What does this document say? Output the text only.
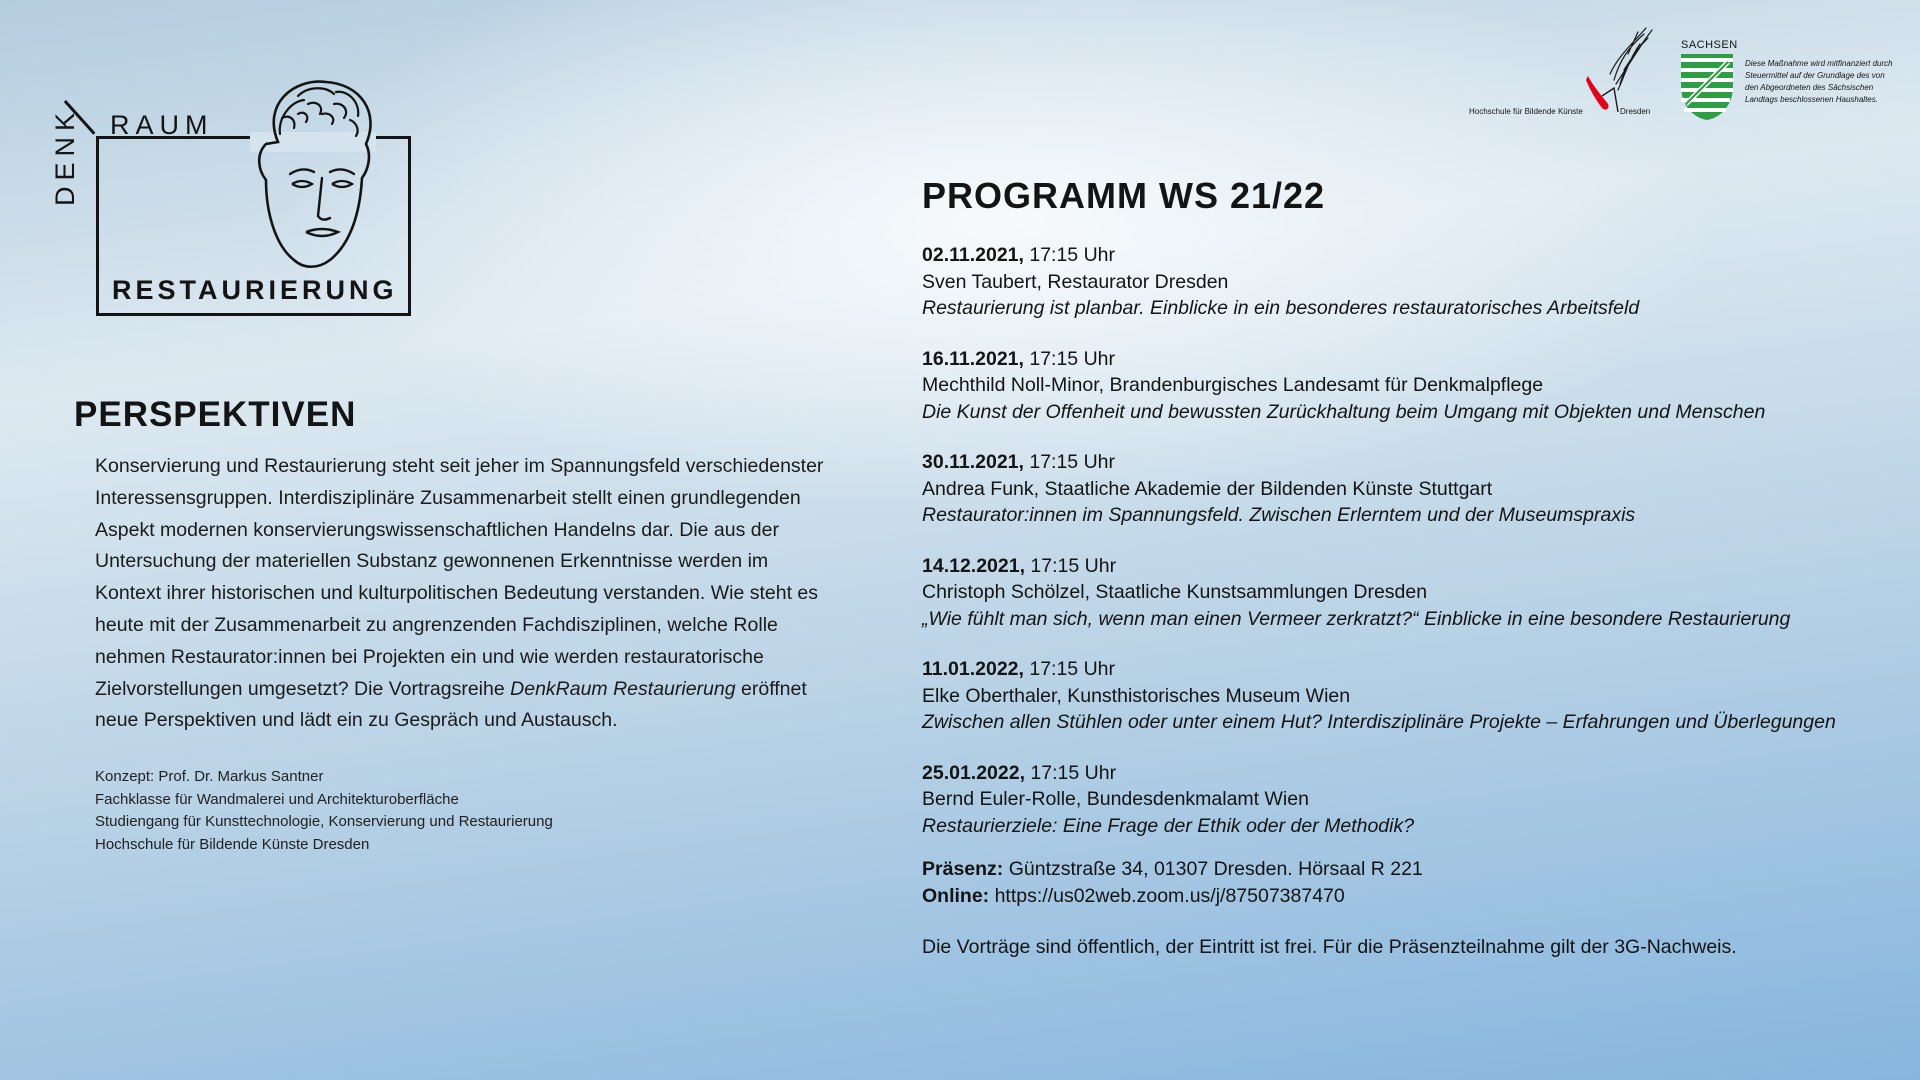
RAUM
DENK
RESTAURIERUNG
PERSPEKTIVEN

Konservierung und Restaurierung steht seit jeher im Spannungsfeld verschiedenster Interessensgruppen. Interdisziplinäre Zusammenarbeit stellt einen grundlegenden Aspekt modernen konservierungswissenschaftlichen Handelns dar. Die aus der Untersuchung der materiellen Substanz gewonnenen Erkenntnisse werden im Kontext ihrer historischen und kulturpolitischen Bedeutung verstanden. Wie steht es heute mit der Zusammenarbeit zu angrenzenden Fachdisziplinen, welche Rolle nehmen Restaurator:innen bei Projekten ein und wie werden restauratorische Zielvorstellungen umgesetzt? Die Vortragsreihe DenkRaum Restaurierung eröffnet neue Perspektiven und lädt ein zu Gespräch und Austausch.

Konzept: Prof. Dr. Markus Santner
Fachklasse für Wandmalerei und Architekturoberfläche
Studiengang für Kunsttechnologie, Konservierung und Restaurierung
Hochschule für Bildende Künste Dresden
Hochschule für Bildende Künste	Dresden
SACHSEN
Diese Maßnahme wird mitfinanziert durch
Steuermittel auf der Grundlage des von
den Abgeordneten des Sächsischen
Landtags beschlossenen Haushaltes.
PROGRAMM WS 21/22
02.11.2021, 17:15 Uhr
Sven Taubert, Restaurator Dresden
Restaurierung ist planbar. Einblicke in ein besonderes restauratorisches Arbeitsfeld
16.11.2021, 17:15 Uhr
Mechthild Noll-Minor, Brandenburgisches Landesamt für Denkmalpflege
Die Kunst der Offenheit und bewussten Zurückhaltung beim Umgang mit Objekten und Menschen
30.11.2021, 17:15 Uhr
Andrea Funk, Staatliche Akademie der Bildenden Künste Stuttgart
Restaurator:innen im Spannungsfeld. Zwischen Erlerntem und der Museumspraxis
14.12.2021, 17:15 Uhr
Christoph Schölzel, Staatliche Kunstsammlungen Dresden
„Wie fühlt man sich, wenn man einen Vermeer zerkratzt?“ Einblicke in eine besondere Restaurierung
11.01.2022, 17:15 Uhr
Elke Oberthaler, Kunsthistorisches Museum Wien
Zwischen allen Stühlen oder unter einem Hut? Interdisziplinäre Projekte – Erfahrungen und Überlegungen
25.01.2022, 17:15 Uhr
Bernd Euler-Rolle, Bundesdenkmalamt Wien
Restaurierziele: Eine Frage der Ethik oder der Methodik?
Präsenz: Güntzstraße 34, 01307 Dresden. Hörsaal R 221
Online: https://us02web.zoom.us/j/87507387470
Die Vorträge sind öffentlich, der Eintritt ist frei. Für die Präsenzteilnahme gilt der 3G-Nachweis.
